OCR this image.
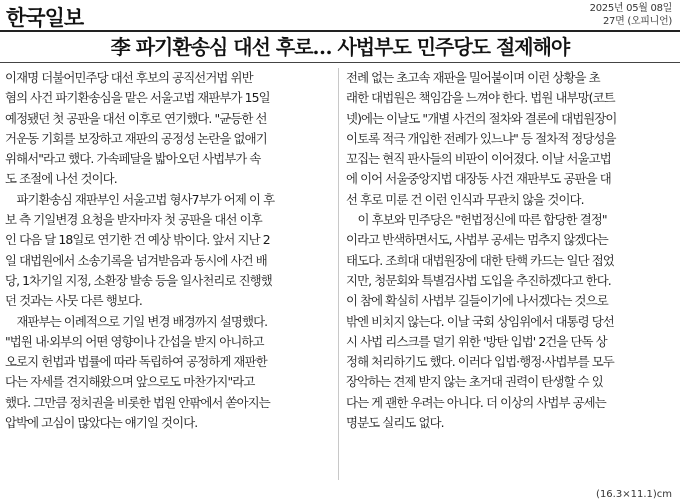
한국일보	2025년 05월 08일
27면 (오피니언)
李 파기환송심 대선 후로… 사법부도 민주당도 절제해야
이재명 더불어민주당 대선 후보의 공직선거법 위반
혐의 사건 파기환송심을 맡은 서울고법 재판부가 15일
예정됐던 첫 공판을 대선 이후로 연기했다. "균등한 선
거운동 기회를 보장하고 재판의 공정성 논란을 없애기
위해서"라고 했다. 가속페달을 밟아오던 사법부가 속
도 조절에 나선 것이다.
　파기환송심 재판부인 서울고법 형사7부가 어제 이 후
보 측 기일변경 요청을 받자마자 첫 공판을 대선 이후
인 다음 달 18일로 연기한 건 예상 밖이다. 앞서 지난 2
일 대법원에서 소송기록을 넘겨받음과 동시에 사건 배
당, 1차기일 지정, 소환장 발송 등을 일사천리로 진행했
던 것과는 사뭇 다른 행보다.
　재판부는 이례적으로 기일 변경 배경까지 설명했다.
"법원 내·외부의 어떤 영향이나 간섭을 받지 아니하고
오로지 헌법과 법률에 따라 독립하여 공정하게 재판한
다는 자세를 견지해왔으며 앞으로도 마찬가지"라고
했다. 그만큼 정치권을 비롯한 법원 안팎에서 쏟아지는
압박에 고심이 많았다는 얘기일 것이다.
전례 없는 초고속 재판을 밀어붙이며 이런 상황을 초
래한 대법원은 책임감을 느껴야 한다. 법원 내부망(코트
넷)에는 이날도 "개별 사건의 절차와 결론에 대법원장이
이토록 적극 개입한 전례가 있느냐" 등 절차적 정당성을
꼬집는 현직 판사들의 비판이 이어졌다. 이날 서울고법
에 이어 서울중앙지법 대장동 사건 재판부도 공판을 대
선 후로 미룬 건 이런 인식과 무관치 않을 것이다.
　이 후보와 민주당은 "헌법정신에 따른 합당한 결정"
이라고 반색하면서도, 사법부 공세는 멈추지 않겠다는
태도다. 조희대 대법원장에 대한 탄핵 카드는 일단 접었
지만, 청문회와 특별검사법 도입을 추진하겠다고 한다.
이 참에 확실히 사법부 길들이기에 나서겠다는 것으로
밖엔 비치지 않는다. 이날 국회 상임위에서 대통령 당선
시 사법 리스크를 덜기 위한 '방탄 입법' 2건을 단독 상
정해 처리하기도 했다. 이러다 입법·행정·사법부를 모두
장악하는 견제 받지 않는 초거대 권력이 탄생할 수 있
다는 게 괜한 우려는 아니다. 더 이상의 사법부 공세는
명분도 실리도 없다.
(16.3×11.1)cm
